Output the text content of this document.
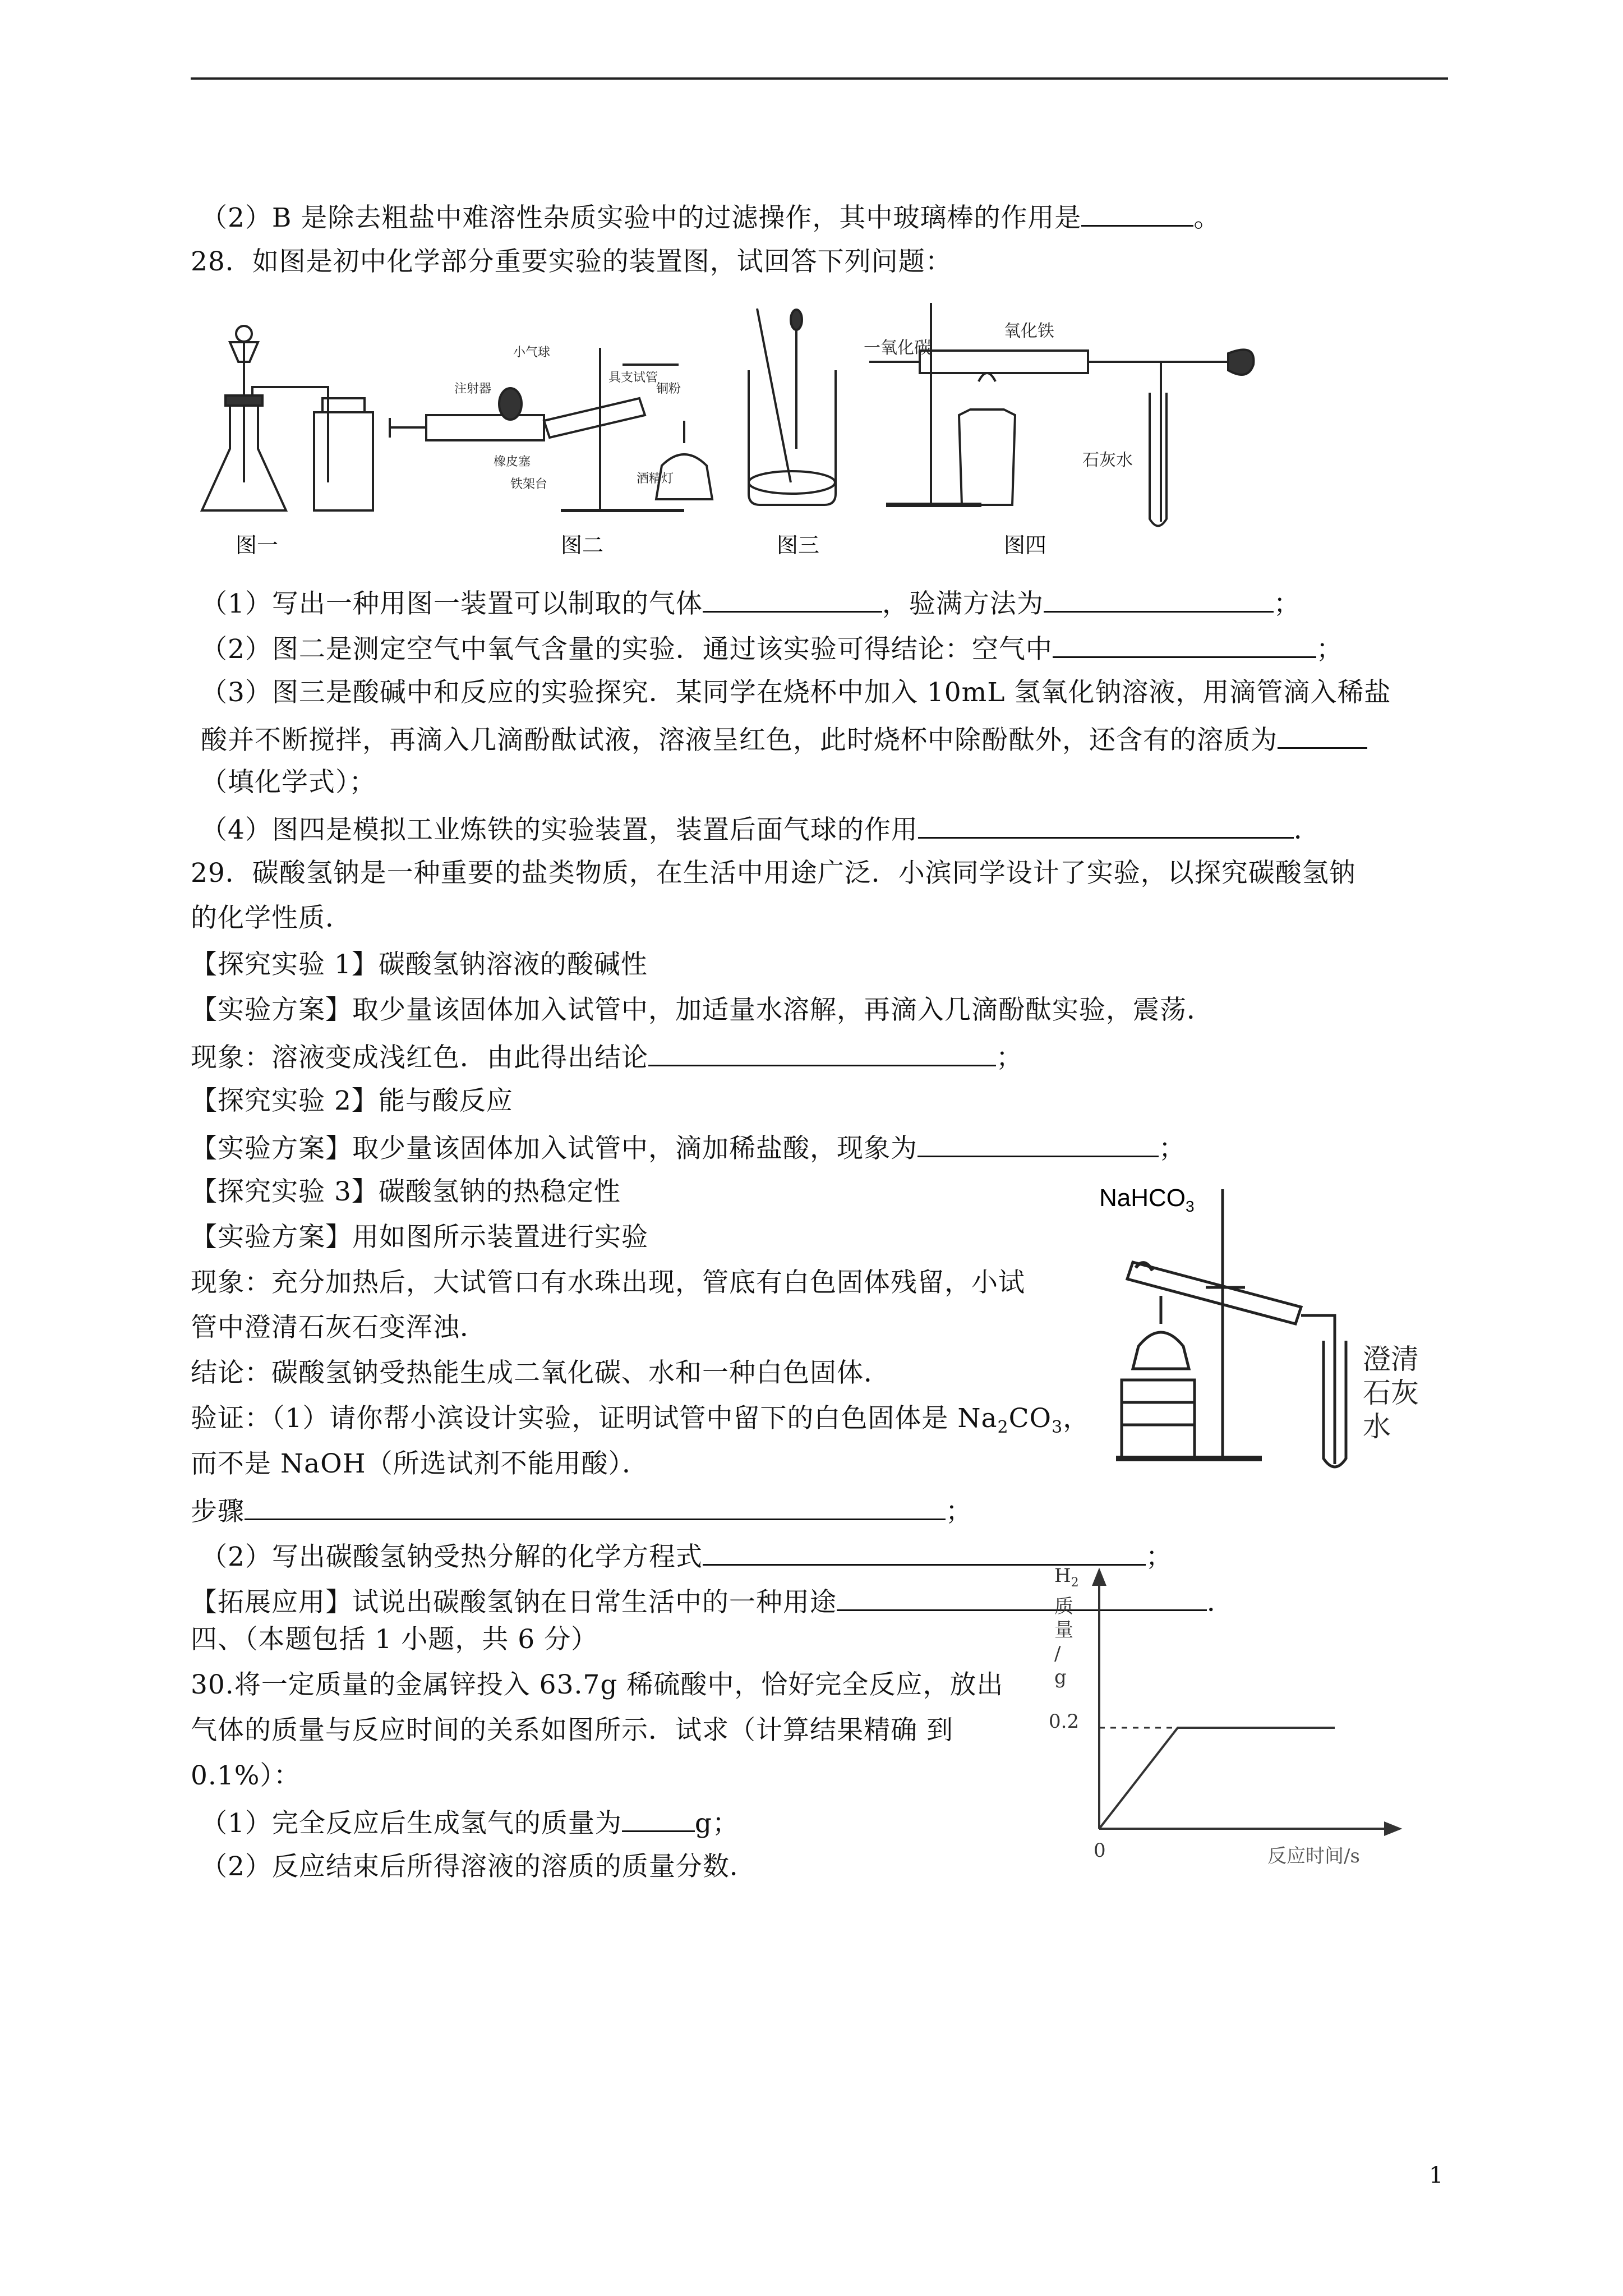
（2）B 是除去粗盐中难溶性杂质实验中的过滤操作，其中玻璃棒的作用是	。
28．如图是初中化学部分重要实验的装置图，试回答下列问题：
图一
小气球
注射器
具支试管
铜粉
橡皮塞
铁架台	酒精灯
图二	图三
一氧化碳
氧化铁
石灰水
图四
（1）写出一种用图一装置可以制取的气体	，验满方法为	；
（2）图二是测定空气中氧气含量的实验．通过该实验可得结论：空气中	；
（3）图三是酸碱中和反应的实验探究．某同学在烧杯中加入 10mL 氢氧化钠溶液，用滴管滴入稀盐
酸并不断搅拌，再滴入几滴酚酞试液，溶液呈红色，此时烧杯中除酚酞外，还含有的溶质为
（填化学式）；
（4）图四是模拟工业炼铁的实验装置，装置后面气球的作用	．
29．碳酸氢钠是一种重要的盐类物质，在生活中用途广泛．小滨同学设计了实验，以探究碳酸氢钠
的化学性质．
【探究实验 1】碳酸氢钠溶液的酸碱性
【实验方案】取少量该固体加入试管中，加适量水溶解，再滴入几滴酚酞实验，震荡．
现象：溶液变成浅红色．由此得出结论	；
【探究实验 2】能与酸反应
【实验方案】取少量该固体加入试管中，滴加稀盐酸，现象为	；
【探究实验 3】碳酸氢钠的热稳定性
【实验方案】用如图所示装置进行实验
现象：充分加热后，大试管口有水珠出现，管底有白色固体残留，小试
管中澄清石灰石变浑浊．
结论：碳酸氢钠受热能生成二氧化碳、水和一种白色固体．
验证：（1）请你帮小滨设计实验，证明试管中留下的白色固体是 $Na_2CO_3$，
而不是 NaOH（所选试剂不能用酸）．
步骤	；
（2）写出碳酸氢钠受热分解的化学方程式	；
【拓展应用】试说出碳酸氢钠在日常生活中的一种用途	．
NaHCO$_3$
澄清
石灰
水
四、（本题包括 1 小题，共 6 分）
30.将一定质量的金属锌投入 63.7g 稀硫酸中，恰好完全反应，放出
气体的质量与反应时间的关系如图所示．试求（计算结果精确 到
0.1%）：
（1）完全反应后生成氢气的质量为	g；
（2）反应结束后所得溶液的溶质的质量分数．
$H_2$
质量/ g
0.2
0	反应时间/s
1
